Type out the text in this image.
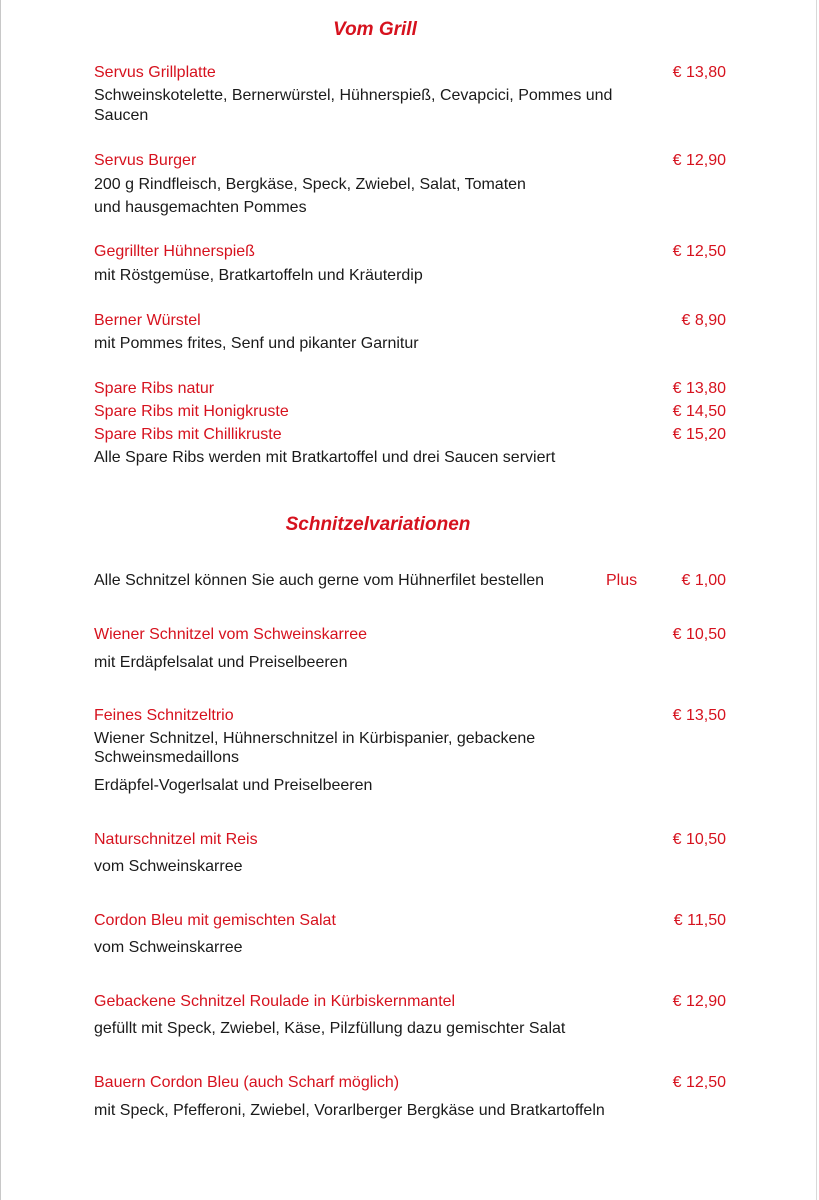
Vom Grill
Servus Grillplatte	€ 13,80
Schweinskotelette, Bernerwürstel, Hühnerspieß, Cevapcici, Pommes und
Saucen
Servus Burger	€ 12,90
200 g Rindfleisch, Bergkäse, Speck, Zwiebel, Salat, Tomaten
und hausgemachten Pommes
Gegrillter Hühnerspieß	€ 12,50
mit Röstgemüse, Bratkartoffeln und Kräuterdip
Berner Würstel	€ 8,90
mit Pommes frites, Senf und pikanter Garnitur
Spare Ribs natur	€ 13,80
Spare Ribs mit Honigkruste	€ 14,50
Spare Ribs mit Chillikruste	€ 15,20
Alle Spare Ribs werden mit Bratkartoffel und drei Saucen serviert
Schnitzelvariationen
Alle Schnitzel können Sie auch gerne vom Hühnerfilet bestellen	Plus	€ 1,00
Wiener Schnitzel vom Schweinskarree	€ 10,50
mit Erdäpfelsalat und Preiselbeeren
Feines Schnitzeltrio	€ 13,50
Wiener Schnitzel, Hühnerschnitzel in Kürbispanier, gebackene
Schweinsmedaillons
Erdäpfel-Vogerlsalat und Preiselbeeren
Naturschnitzel mit Reis	€ 10,50
vom Schweinskarree
Cordon Bleu mit gemischten Salat	€ 11,50
vom Schweinskarree
Gebackene Schnitzel Roulade in Kürbiskernmantel	€ 12,90
gefüllt mit Speck, Zwiebel, Käse, Pilzfüllung dazu gemischter Salat
Bauern Cordon Bleu (auch Scharf möglich)	€ 12,50
mit Speck, Pfefferoni, Zwiebel, Vorarlberger Bergkäse und Bratkartoffeln
